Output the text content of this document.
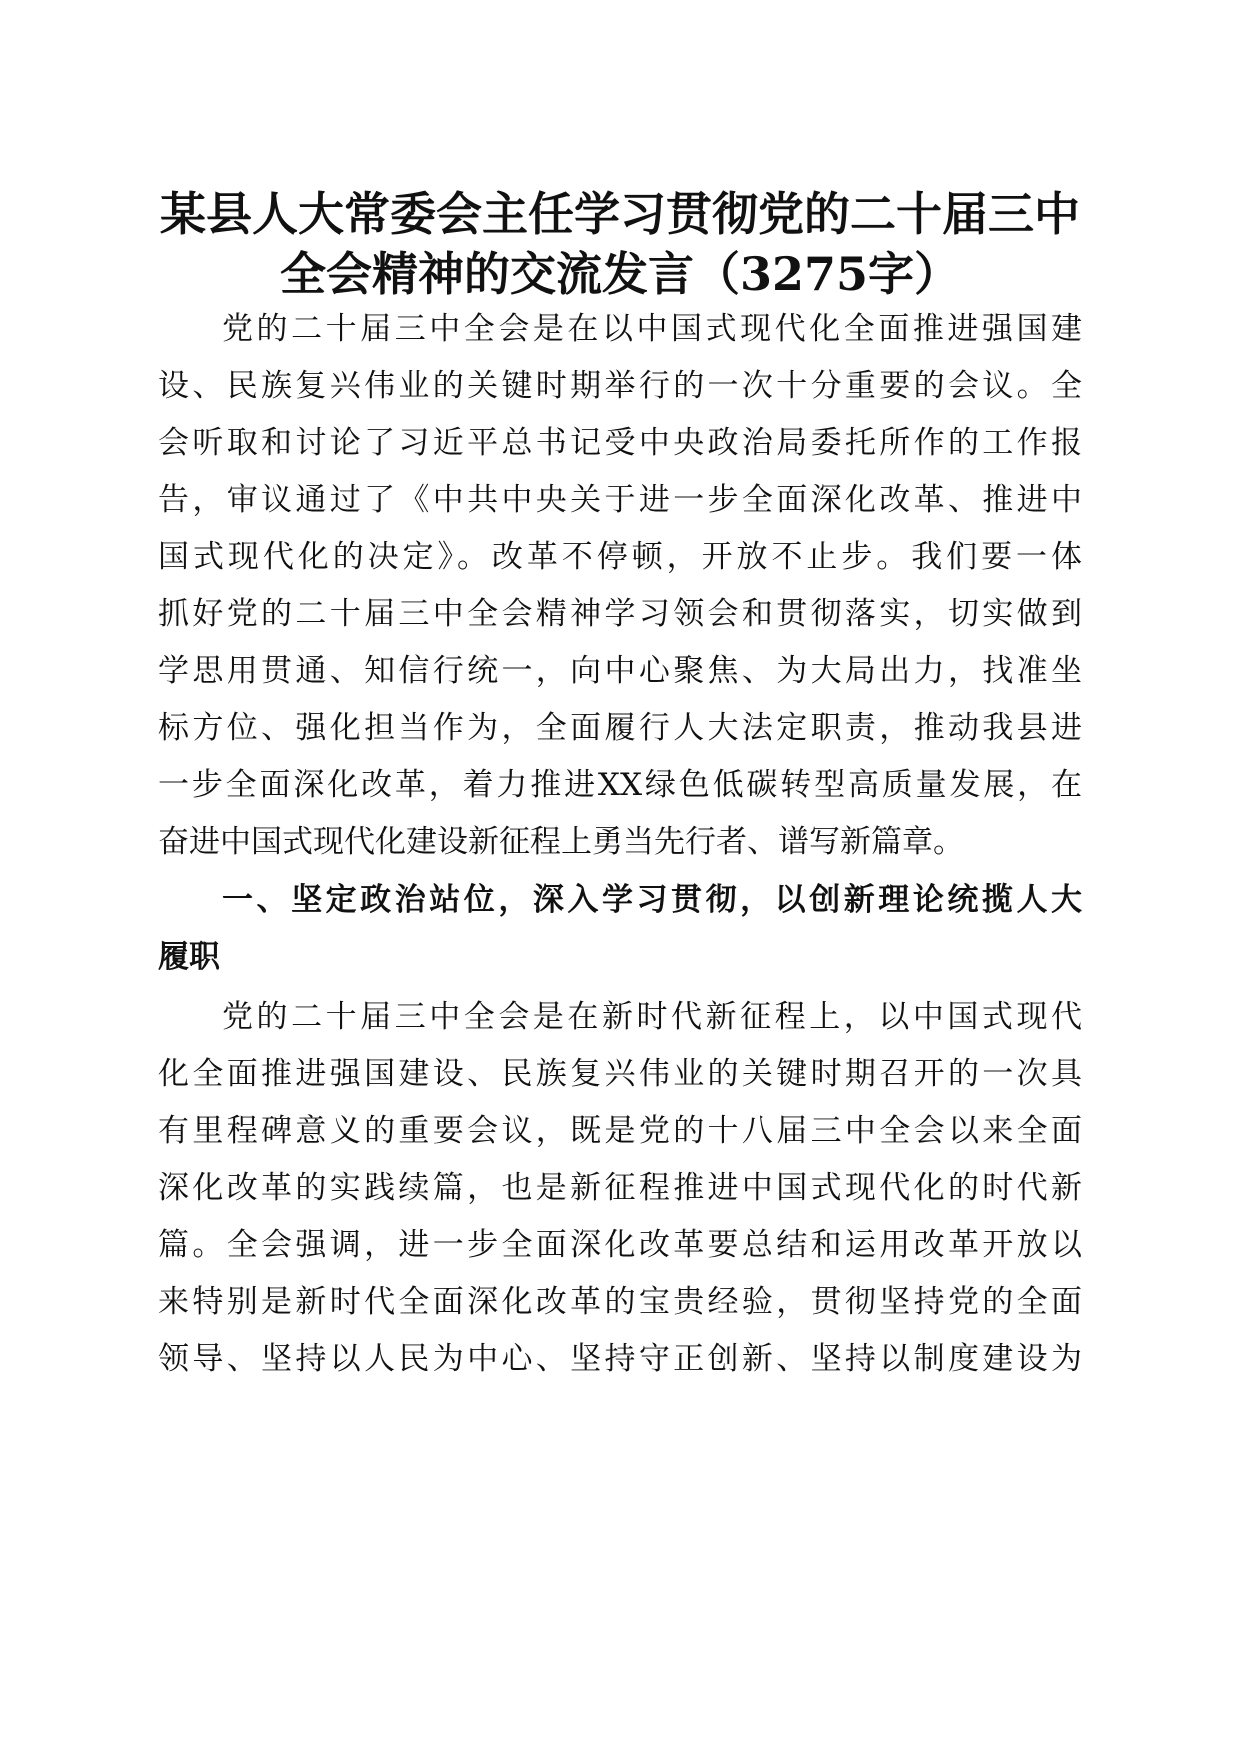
某县人大常委会主任学习贯彻党的二十届三中
全会精神的交流发言（3275字）
党的二十届三中全会是在以中国式现代化全面推进强国建
设、民族复兴伟业的关键时期举行的一次十分重要的会议。全
会听取和讨论了习近平总书记受中央政治局委托所作的工作报
告，审议通过了《中共中央关于进一步全面深化改革、推进中
国式现代化的决定》。改革不停顿，开放不止步。我们要一体
抓好党的二十届三中全会精神学习领会和贯彻落实，切实做到
学思用贯通、知信行统一，向中心聚焦、为大局出力，找准坐
标方位、强化担当作为，全面履行人大法定职责，推动我县进
一步全面深化改革，着力推进XX绿色低碳转型高质量发展，在
奋进中国式现代化建设新征程上勇当先行者、谱写新篇章。
一、坚定政治站位，深入学习贯彻，以创新理论统揽人大
履职
党的二十届三中全会是在新时代新征程上，以中国式现代
化全面推进强国建设、民族复兴伟业的关键时期召开的一次具
有里程碑意义的重要会议，既是党的十八届三中全会以来全面
深化改革的实践续篇，也是新征程推进中国式现代化的时代新
篇。全会强调，进一步全面深化改革要总结和运用改革开放以
来特别是新时代全面深化改革的宝贵经验，贯彻坚持党的全面
领导、坚持以人民为中心、坚持守正创新、坚持以制度建设为
